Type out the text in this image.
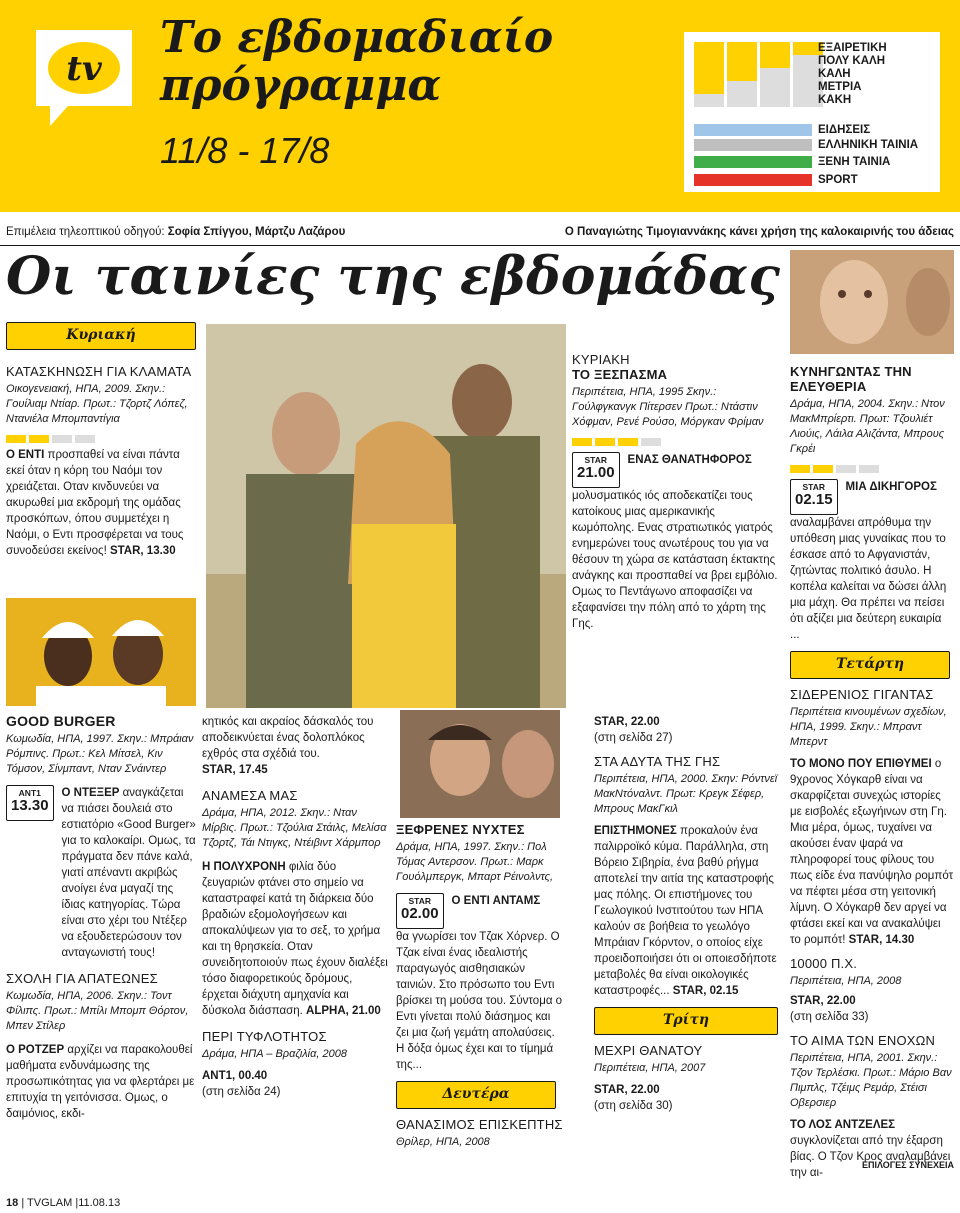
tv
Το εβδομαδιαίο
πρόγραμμα
11/8 - 17/8
ΕΞΑΙΡΕΤΙΚΗ
ΠΟΛΥ ΚΑΛΗ
ΚΑΛΗ
ΜΕΤΡΙΑ
ΚΑΚΗ
ΕΙΔΗΣΕΙΣ
ΕΛΛΗΝΙΚΗ ΤΑΙΝΙΑ
ΞΕΝΗ ΤΑΙΝΙΑ
SPORT
Επιμέλεια τηλεοπτικού οδηγού: Σοφία Σπίγγου, Μάρτζυ Λαζάρου	Ο Παναγιώτης Τιμογιαννάκης κάνει χρήση της καλοκαιρινής του άδειας
Οι ταινίες της εβδομάδας
Κυριακή
ΚΑΤΑΣΚΗΝΩΣΗ ΓΙΑ ΚΛΑΜΑΤΑ
Οικογενειακή, ΗΠΑ, 2009. Σκην.: Γουίλιαμ Ντίαρ. Πρωτ.: Τζορτζ Λόπεζ, Ντανιέλα Μπομπαντίγια
Ο ΕΝΤΙ προσπαθεί να είναι πάντα εκεί όταν η κόρη του Ναόμι τον χρειάζεται. Οταν κινδυνεύει να ακυρωθεί μια εκδρομή της ομάδας προσκόπων, όπου συμμετέχει η Ναόμι, ο Εντι προσφέρεται να τους συνοδεύσει εκείνος! STAR, 13.30
GOOD BURGER
Κωμωδία, ΗΠΑ, 1997. Σκην.: Μπράιαν Ρόμπινς. Πρωτ.: Κελ Μίτσελ, Κιν Τόμσον, Σίνμπαντ, Νταν Σνάιντερ
ANT1
13.30
Ο ΝΤΕΞΕΡ αναγκάζεται να πιάσει δουλειά στο εστιατόριο «Good Burger» για το καλοκαίρι. Ομως, τα πράγματα δεν πάνε καλά, γιατί απέναντι ακριβώς ανοίγει ένα μαγαζί της ίδιας κατηγορίας. Τώρα είναι στο χέρι του Ντέξερ να εξουδετερώσουν τον ανταγωνιστή τους!
ΣΧΟΛΗ ΓΙΑ ΑΠΑΤΕΩΝΕΣ
Κωμωδία, ΗΠΑ, 2006. Σκην.: Τοντ Φίλιπς. Πρωτ.: Μπίλι Μπομπ Θόρτον, Μπεν Στίλερ
Ο ΡΟΤΖΕΡ αρχίζει να παρακολουθεί μαθήματα ενδυνάμωσης της προσωπικότητας για να φλερτάρει με επιτυχία τη γειτόνισσα. Ομως, ο δαιμόνιος, εκδι-
κητικός και ακραίος δάσκαλός του αποδεικνύεται ένας δολοπλόκος εχθρός στα σχέδιά του.
STAR, 17.45
ΑΝΑΜΕΣΑ ΜΑΣ
Δράμα, ΗΠΑ, 2012. Σκην.: Νταν Μίρβις. Πρωτ.: Τζούλια Στάιλς, Μελίσα Τζορτζ, Τάι Ντιγκς, Ντέιβιντ Χάρμπορ
Η ΠΟΛΥΧΡΟΝΗ φιλία δύο ζευγαριών φτάνει στο σημείο να καταστραφεί κατά τη διάρκεια δύο βραδιών εξομολογήσεων και αποκαλύψεων για το σεξ, το χρήμα και τη θρησκεία. Οταν συνειδητοποιούν πως έχουν διαλέξει τόσο διαφορετικούς δρόμους, έρχεται διάχυτη αμηχανία και δύσκολα διάσπαση. ALPHA, 21.00
ΠΕΡΙ ΤΥΦΛΟΤΗΤΟΣ
Δράμα, ΗΠΑ – Βραζιλία, 2008
ANT1, 00.40
(στη σελίδα 24)
ΚΥΡΙΑΚΗ
ΤΟ ΞΕΣΠΑΣΜΑ
Περιπέτεια, ΗΠΑ, 1995 Σκην.: Γούλφγκανγκ Πίτερσεν Πρωτ.: Ντάστιν Χόφμαν, Ρενέ Ρούσο, Μόργκαν Φρίμαν
STAR
21.00
ΕΝΑΣ ΘΑΝΑΤΗΦΟΡΟΣ
μολυσματικός ιός αποδεκατίζει τους κατοίκους μιας αμερικανικής κωμόπολης. Ενας στρατιωτικός γιατρός ενημερώνει τους ανωτέρους του για να θέσουν τη χώρα σε κατάσταση έκτακτης ανάγκης και προσπαθεί να βρει εμβόλιο. Ομως το Πεντάγωνο αποφασίζει να εξαφανίσει την πόλη από το χάρτη της Γης.
ΞΕΦΡΕΝΕΣ ΝΥΧΤΕΣ
Δράμα, ΗΠΑ, 1997. Σκην.: Πολ Τόμας Αντερσον. Πρωτ.: Μαρκ Γουόλμπεργκ, Μπαρτ Ρέινολντς,
STAR
02.00
Ο ΕΝΤΙ ΑΝΤΑΜΣ
θα γνωρίσει τον Τζακ Χόρνερ. Ο Τζακ είναι ένας ιδεαλιστής παραγωγός αισθησιακών ταινιών. Στο πρόσωπο του Εντι βρίσκει τη μούσα του. Σύντομα ο Εντι γίνεται πολύ διάσημος και ζει μια ζωή γεμάτη απολαύσεις. Η δόξα όμως έχει και το τίμημά της...
Δευτέρα
ΘΑΝΑΣΙΜΟΣ ΕΠΙΣΚΕΠΤΗΣ
Θρίλερ, ΗΠΑ, 2008
STAR, 22.00
(στη σελίδα 27)
ΣΤΑ ΑΔΥΤΑ ΤΗΣ ΓΗΣ
Περιπέτεια, ΗΠΑ, 2000. Σκην: Ρόντνεϊ ΜακΝτόναλντ. Πρωτ: Κρεγκ Σέφερ, Μπρους ΜακΓκιλ
ΕΠΙΣΤΗΜΟΝΕΣ προκαλούν ένα παλιρροϊκό κύμα. Παράλληλα, στη Βόρειο Σιβηρία, ένα βαθύ ρήγμα αποτελεί την αιτία της καταστροφής μας πόλης. Οι επιστήμονες του Γεωλογικού Ινστιτούτου των ΗΠΑ καλούν σε βοήθεια το γεωλόγο Μπράιαν Γκόρντον, ο οποίος είχε προειδοποιήσει ότι οι οποιεσδήποτε μεταβολές θα είναι οικολογικές καταστροφές... STAR, 02.15
Τρίτη
ΜΕΧΡΙ ΘΑΝΑΤΟΥ
Περιπέτεια, ΗΠΑ, 2007
STAR, 22.00
(στη σελίδα 30)
ΚΥΝΗΓΩΝΤΑΣ ΤΗΝ ΕΛΕΥΘΕΡΙΑ
Δράμα, ΗΠΑ, 2004. Σκην.: Ντον ΜακΜπρίερτι. Πρωτ: Τζουλιέτ Λιούις, Λάιλα Αλιζάντα, Μπρους Γκρέι
STAR
02.15
ΜΙΑ ΔΙΚΗΓΟΡΟΣ
αναλαμβάνει απρόθυμα την υπόθεση μιας γυναίκας που το έσκασε από το Αφγανιστάν, ζητώντας πολιτικό άσυλο. Η κοπέλα καλείται να δώσει άλλη μια μάχη. Θα πρέπει να πείσει ότι αξίζει μια δεύτερη ευκαιρία ...
Τετάρτη
ΣΙΔΕΡΕΝΙΟΣ ΓΙΓΑΝΤΑΣ
Περιπέτεια κινουμένων σχεδίων, ΗΠΑ, 1999. Σκην.: Μπραντ Μπερντ
ΤΟ ΜΟΝΟ ΠΟΥ ΕΠΙΘΥΜΕΙ ο 9χρονος Χόγκαρθ είναι να σκαρφίζεται συνεχώς ιστορίες με εισβολές εξωγήινων στη Γη. Μια μέρα, όμως, τυχαίνει να ακούσει έναν ψαρά να πληροφορεί τους φίλους του πως είδε ένα πανύψηλο ρομπότ να πέφτει μέσα στη γειτονική λίμνη. Ο Χόγκαρθ δεν αργεί να φτάσει εκεί και να ανακαλύψει το ρομπότ! STAR, 14.30
10000 Π.Χ.
Περιπέτεια, ΗΠΑ, 2008
STAR, 22.00
(στη σελίδα 33)
ΤΟ ΑΙΜΑ ΤΩΝ ΕΝΟΧΩΝ
Περιπέτεια, ΗΠΑ, 2001. Σκην.: Τζον Τερλέσκι. Πρωτ.: Μάριο Βαν Πιμπλς, Τζέιμς Ρεμάρ, Στέισι Οβερσιερ
ΤΟ ΛΟΣ ΑΝΤΖΕΛΕΣ συγκλονίζεται από την έξαρση βίας. Ο Τζον Κρος αναλαμβάνει την αι-
ΕΠΙΛΟΓΕΣ ΣΥΝΕΧΕΙΑ
18 | TVGLAM |11.08.13
